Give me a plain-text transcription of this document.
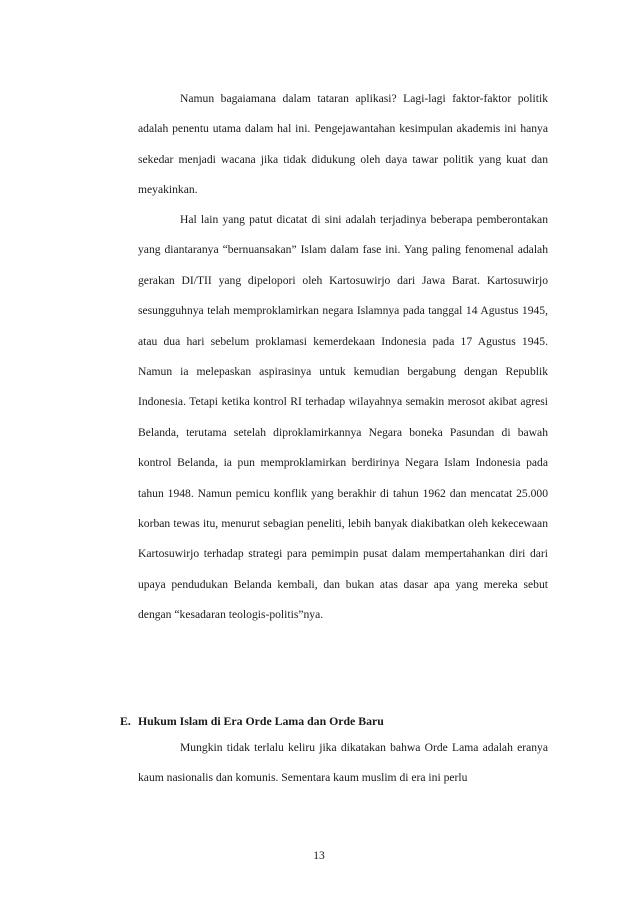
Namun bagaiamana dalam tataran aplikasi? Lagi-lagi faktor-faktor politik adalah penentu utama dalam hal ini. Pengejawantahan kesimpulan akademis ini hanya sekedar menjadi wacana jika tidak didukung oleh daya tawar politik yang kuat dan meyakinkan.

Hal lain yang patut dicatat di sini adalah terjadinya beberapa pemberontakan yang diantaranya “bernuansakan” Islam dalam fase ini. Yang paling fenomenal adalah gerakan DI/TII yang dipelopori oleh Kartosuwirjo dari Jawa Barat. Kartosuwirjo sesungguhnya telah memproklamirkan negara Islamnya pada tanggal 14 Agustus 1945, atau dua hari sebelum proklamasi kemerdekaan Indonesia pada 17 Agustus 1945. Namun ia melepaskan aspirasinya untuk kemudian bergabung dengan Republik Indonesia. Tetapi ketika kontrol RI terhadap wilayahnya semakin merosot akibat agresi Belanda, terutama setelah diproklamirkannya Negara boneka Pasundan di bawah kontrol Belanda, ia pun memproklamirkan berdirinya Negara Islam Indonesia pada tahun 1948. Namun pemicu konflik yang berakhir di tahun 1962 dan mencatat 25.000 korban tewas itu, menurut sebagian peneliti, lebih banyak diakibatkan oleh kekecewaan Kartosuwirjo terhadap strategi para pemimpin pusat dalam mempertahankan diri dari upaya pendudukan Belanda kembali, dan bukan atas dasar apa yang mereka sebut dengan “kesadaran teologis-politis”nya.

E. Hukum Islam di Era Orde Lama dan Orde Baru

Mungkin tidak terlalu keliru jika dikatakan bahwa Orde Lama adalah eranya kaum nasionalis dan komunis. Sementara kaum muslim di era ini perlu

13
